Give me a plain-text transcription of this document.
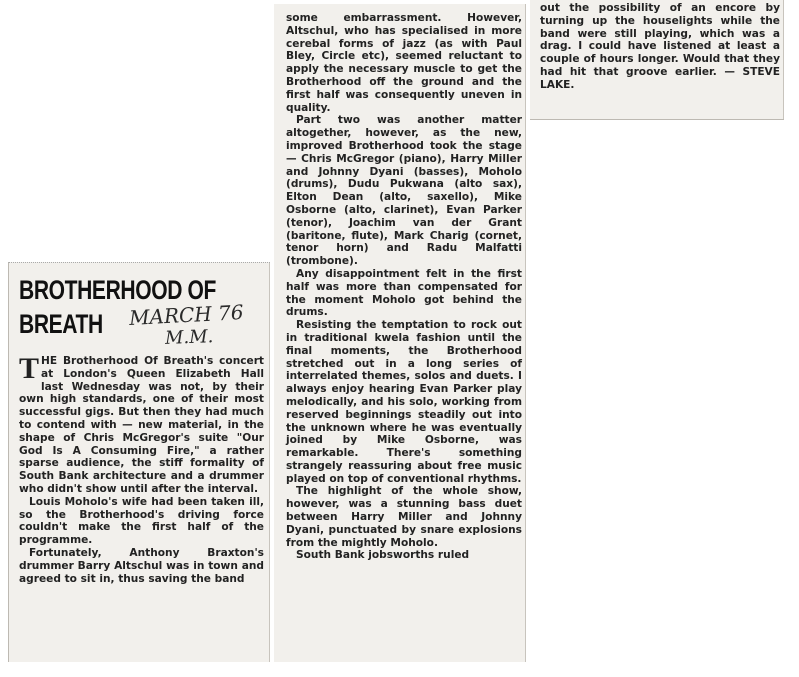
BROTHERHOOD OF
BREATH	MARCH 76
M.M.

THE Brotherhood Of Breath's concert at London's Queen Elizabeth Hall last Wednesday was not, by their own high standards, one of their most successful gigs. But then they had much to contend with — new material, in the shape of Chris McGregor's suite "Our God Is A Consuming Fire," a rather sparse audience, the stiff formality of South Bank architecture and a drummer who didn't show until after the interval.

Louis Moholo's wife had been taken ill, so the Brotherhood's driving force couldn't make the first half of the programme.

Fortunately, Anthony Braxton's drummer Barry Altschul was in town and agreed to sit in, thus saving the band

some embarrassment. However, Altschul, who has specialised in more cerebal forms of jazz (as with Paul Bley, Circle etc), seemed reluctant to apply the necessary muscle to get the Brotherhood off the ground and the first half was consequently uneven in quality.

Part two was another matter altogether, however, as the new, improved Brotherhood took the stage — Chris McGregor (piano), Harry Miller and Johnny Dyani (basses), Moholo (drums), Dudu Pukwana (alto sax), Elton Dean (alto, saxello), Mike Osborne (alto, clarinet), Evan Parker (tenor), Joachim van der Grant (baritone, flute), Mark Charig (cornet, tenor horn) and Radu Malfatti (trombone).

Any disappointment felt in the first half was more than compensated for the moment Moholo got behind the drums.

Resisting the temptation to rock out in traditional kwela fashion until the final moments, the Brotherhood stretched out in a long series of interrelated themes, solos and duets. I always enjoy hearing Evan Parker play melodically, and his solo, working from reserved beginnings steadily out into the unknown where he was eventually joined by Mike Osborne, was remarkable. There's something strangely reassuring about free music played on top of conventional rhythms.

The highlight of the whole show, however, was a stunning bass duet between Harry Miller and Johnny Dyani, punctuated by snare explosions from the mightly Moholo.

South Bank jobsworths ruled

out the possibility of an encore by turning up the houselights while the band were still playing, which was a drag. I could have listened at least a couple of hours longer. Would that they had hit that groove earlier. — STEVE LAKE.
